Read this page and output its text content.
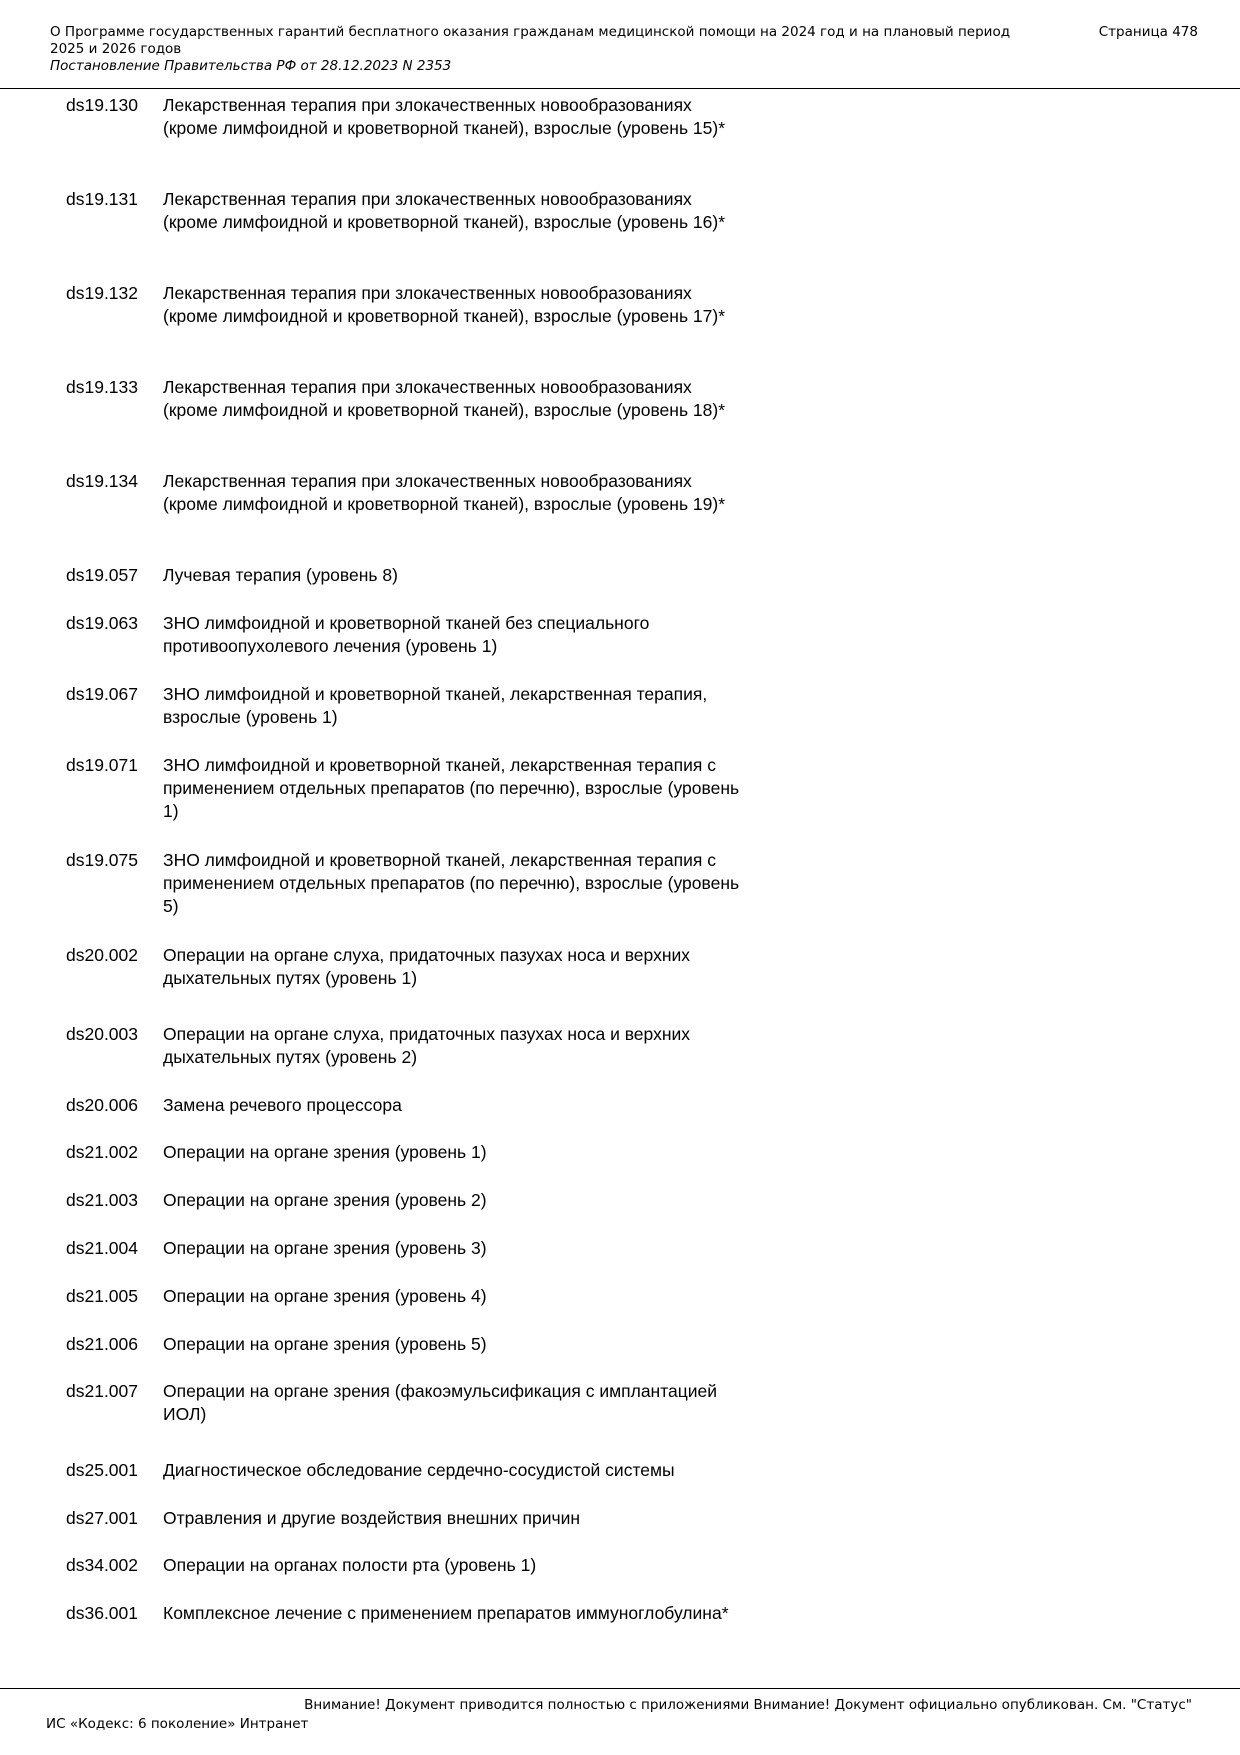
О Программе государственных гарантий бесплатного оказания гражданам медицинской помощи на 2024 год и на плановый период 2025 и 2026 годов
Постановление Правительства РФ от 28.12.2023 N 2353
Страница 478
ds19.130	Лекарственная терапия при злокачественных новообразованиях (кроме лимфоидной и кроветворной тканей), взрослые (уровень 15)*
ds19.131	Лекарственная терапия при злокачественных новообразованиях (кроме лимфоидной и кроветворной тканей), взрослые (уровень 16)*
ds19.132	Лекарственная терапия при злокачественных новообразованиях (кроме лимфоидной и кроветворной тканей), взрослые (уровень 17)*
ds19.133	Лекарственная терапия при злокачественных новообразованиях (кроме лимфоидной и кроветворной тканей), взрослые (уровень 18)*
ds19.134	Лекарственная терапия при злокачественных новообразованиях (кроме лимфоидной и кроветворной тканей), взрослые (уровень 19)*
ds19.057	Лучевая терапия (уровень 8)
ds19.063	ЗНО лимфоидной и кроветворной тканей без специального противоопухолевого лечения (уровень 1)
ds19.067	ЗНО лимфоидной и кроветворной тканей, лекарственная терапия, взрослые (уровень 1)
ds19.071	ЗНО лимфоидной и кроветворной тканей, лекарственная терапия с применением отдельных препаратов (по перечню), взрослые (уровень 1)
ds19.075	ЗНО лимфоидной и кроветворной тканей, лекарственная терапия с применением отдельных препаратов (по перечню), взрослые (уровень 5)
ds20.002	Операции на органе слуха, придаточных пазухах носа и верхних дыхательных путях (уровень 1)
ds20.003	Операции на органе слуха, придаточных пазухах носа и верхних дыхательных путях (уровень 2)
ds20.006	Замена речевого процессора
ds21.002	Операции на органе зрения (уровень 1)
ds21.003	Операции на органе зрения (уровень 2)
ds21.004	Операции на органе зрения (уровень 3)
ds21.005	Операции на органе зрения (уровень 4)
ds21.006	Операции на органе зрения (уровень 5)
ds21.007	Операции на органе зрения (факоэмульсификация с имплантацией ИОЛ)
ds25.001	Диагностическое обследование сердечно-сосудистой системы
ds27.001	Отравления и другие воздействия внешних причин
ds34.002	Операции на органах полости рта (уровень 1)
ds36.001	Комплексное лечение с применением препаратов иммуноглобулина*
Внимание! Документ приводится полностью с приложениями Внимание! Документ официально опубликован. См. "Статус"
ИС «Кодекс: 6 поколение» Интранет
